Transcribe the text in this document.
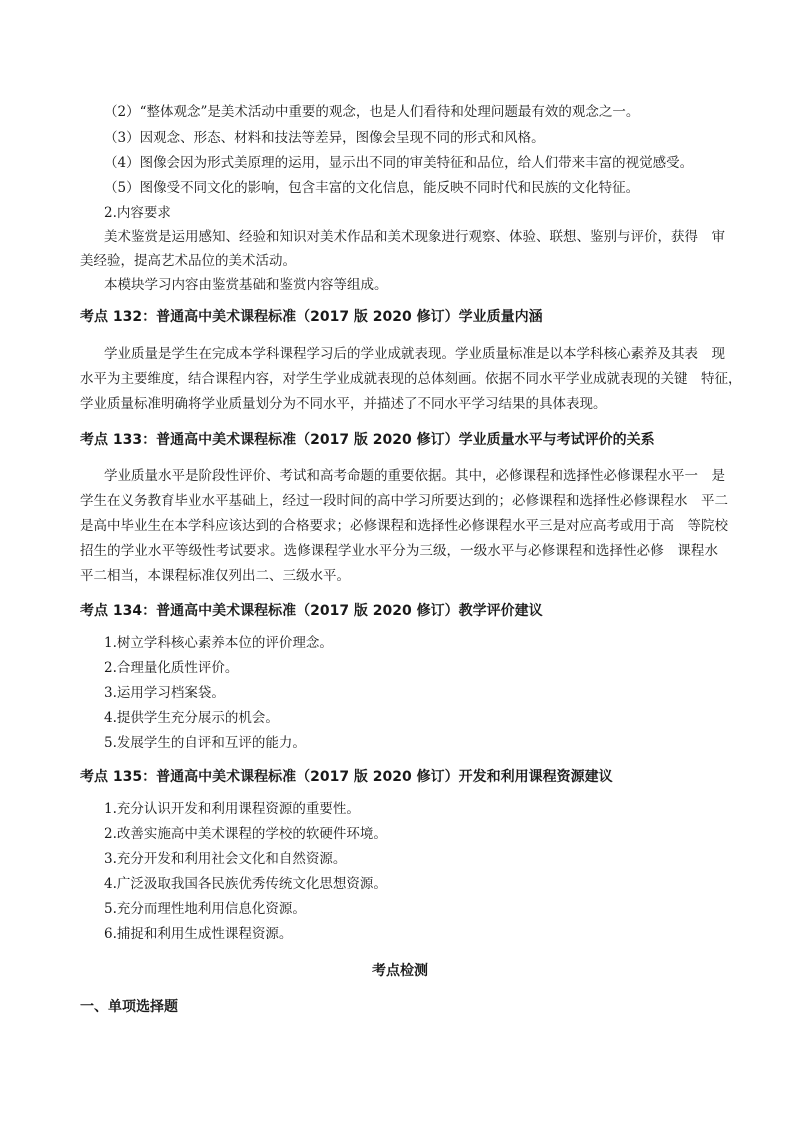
（2）“整体观念”是美术活动中重要的观念，也是人们看待和处理问题最有效的观念之一。
（3）因观念、形态、材料和技法等差异，图像会呈现不同的形式和风格。
（4）图像会因为形式美原理的运用，显示出不同的审美特征和品位，给人们带来丰富的视觉感受。
（5）图像受不同文化的影响，包含丰富的文化信息，能反映不同时代和民族的文化特征。
2.内容要求
美术鉴赏是运用感知、经验和知识对美术作品和美术现象进行观察、体验、联想、鉴别与评价，获得　审
美经验，提高艺术品位的美术活动。
本模块学习内容由鉴赏基础和鉴赏内容等组成。
考点 132：普通高中美术课程标准（2017 版 2020 修订）学业质量内涵
学业质量是学生在完成本学科课程学习后的学业成就表现。学业质量标准是以本学科核心素养及其表　现
水平为主要维度，结合课程内容，对学生学业成就表现的总体刻画。依据不同水平学业成就表现的关键　特征，
学业质量标准明确将学业质量划分为不同水平，并描述了不同水平学习结果的具体表现。
考点 133：普通高中美术课程标准（2017 版 2020 修订）学业质量水平与考试评价的关系
学业质量水平是阶段性评价、考试和高考命题的重要依据。其中，必修课程和选择性必修课程水平一　是
学生在义务教育毕业水平基础上，经过一段时间的高中学习所要达到的；必修课程和选择性必修课程水　平二
是高中毕业生在本学科应该达到的合格要求；必修课程和选择性必修课程水平三是对应高考或用于高　等院校
招生的学业水平等级性考试要求。选修课程学业水平分为三级，一级水平与必修课程和选择性必修　课程水
平二相当，本课程标准仅列出二、三级水平。
考点 134：普通高中美术课程标准（2017 版 2020 修订）教学评价建议
1.树立学科核心素养本位的评价理念。
2.合理量化质性评价。
3.运用学习档案袋。
4.提供学生充分展示的机会。
5.发展学生的自评和互评的能力。
考点 135：普通高中美术课程标准（2017 版 2020 修订）开发和利用课程资源建议
1.充分认识开发和利用课程资源的重要性。
2.改善实施高中美术课程的学校的软硬件环境。
3.充分开发和利用社会文化和自然资源。
4.广泛汲取我国各民族优秀传统文化思想资源。
5.充分而理性地利用信息化资源。
6.捕捉和利用生成性课程资源。
考点检测
一、单项选择题
